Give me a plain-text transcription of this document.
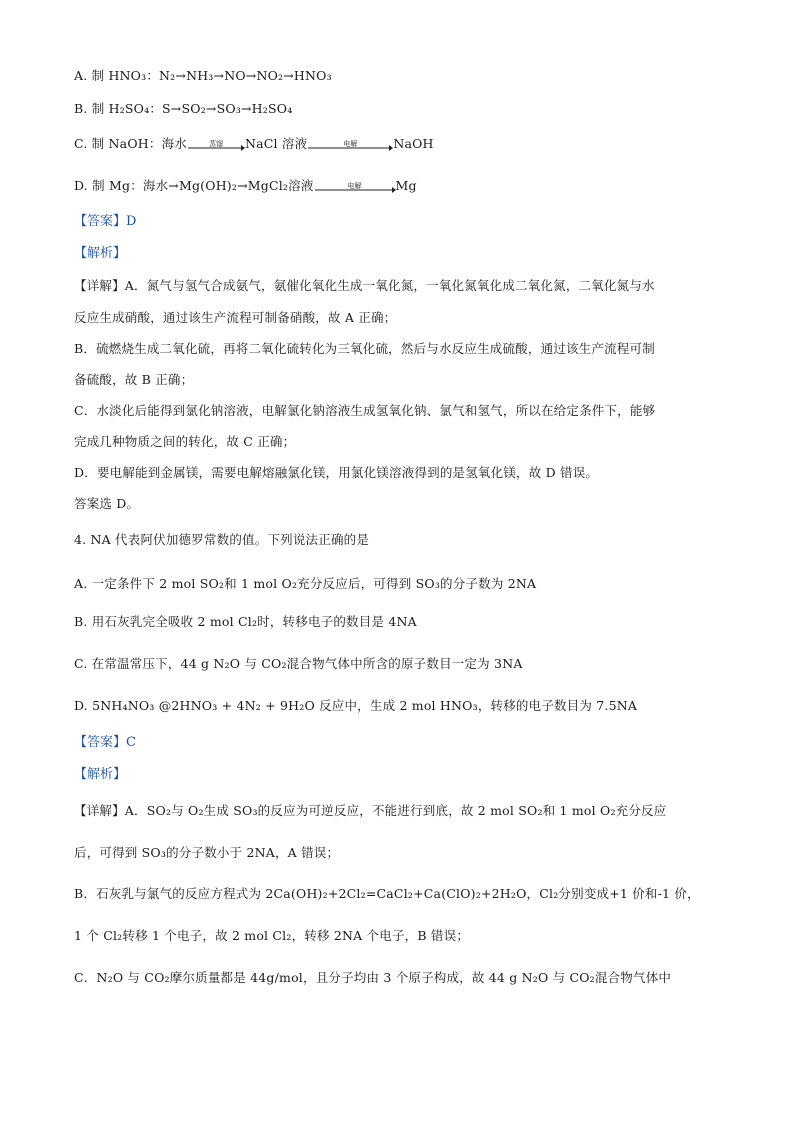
A. 制 HNO₃：N₂→NH₃→NO→NO₂→HNO₃
B. 制 H₂SO₄：S→SO₂→SO₃→H₂SO₄
C. 制 NaOH：海水	蒸馏	NaCl 溶液	电解	NaOH
D. 制 Mg：海水→Mg(OH)₂→MgCl₂溶液	电解	Mg
【答案】D
【解析】
【详解】A．氮气与氢气合成氨气，氨催化氧化生成一氧化氮，一氧化氮氧化成二氧化氮，二氧化氮与水
反应生成硝酸，通过该生产流程可制备硝酸，故 A 正确；
B．硫燃烧生成二氧化硫，再将二氧化硫转化为三氧化硫，然后与水反应生成硫酸，通过该生产流程可制
备硫酸，故 B 正确；
C．水淡化后能得到氯化钠溶液，电解氯化钠溶液生成氢氧化钠、氯气和氢气，所以在给定条件下，能够
完成几种物质之间的转化，故 C 正确；
D．要电解能到金属镁，需要电解熔融氯化镁，用氯化镁溶液得到的是氢氧化镁，故 D 错误。
答案选 D。
4. NA 代表阿伏加德罗常数的值。下列说法正确的是
A. 一定条件下 2 mol SO₂和 1 mol O₂充分反应后，可得到 SO₃的分子数为 2NA
B. 用石灰乳完全吸收 2 mol Cl₂时，转移电子的数目是 4NA
C. 在常温常压下，44 g N₂O 与 CO₂混合物气体中所含的原子数目一定为 3NA
D. 5NH₄NO₃ @2HNO₃ + 4N₂ + 9H₂O 反应中，生成 2 mol HNO₃，转移的电子数目为 7.5NA
【答案】C
【解析】
【详解】A．SO₂与 O₂生成 SO₃的反应为可逆反应，不能进行到底，故 2 mol SO₂和 1 mol O₂充分反应
后，可得到 SO₃的分子数小于 2NA，A 错误；
B．石灰乳与氯气的反应方程式为 2Ca(OH)₂+2Cl₂=CaCl₂+Ca(ClO)₂+2H₂O，Cl₂分别变成+1 价和-1 价，
1 个 Cl₂转移 1 个电子，故 2 mol Cl₂，转移 2NA 个电子，B 错误；
C．N₂O 与 CO₂摩尔质量都是 44g/mol，且分子均由 3 个原子构成，故 44 g N₂O 与 CO₂混合物气体中
